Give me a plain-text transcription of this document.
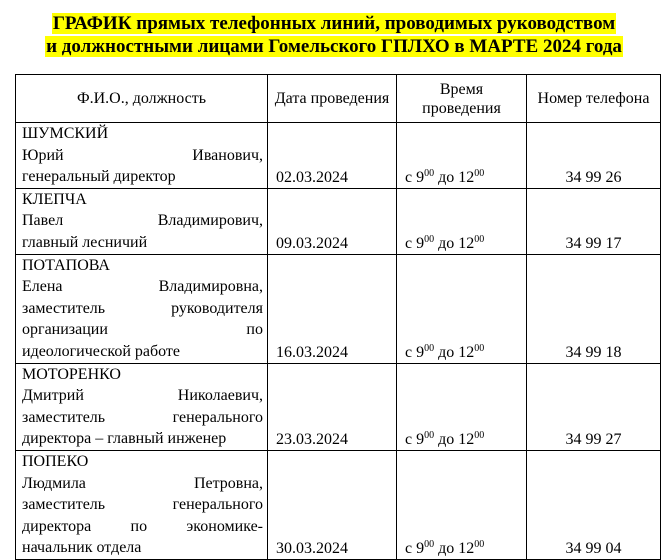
ГРАФИК прямых телефонных линий, проводимых руководством
и должностными лицами Гомельского ГПЛХО в МАРТЕ 2024 года
Ф.И.О., должность	Дата проведения	Время проведения	Номер телефона

ШУМСКИЙ
Юрий Иванович,
генеральный директор	02.03.2024	с $9^{00}$ до $12^{00}$	34 99 26

КЛЕПЧА
Павел Владимирович,
главный лесничий	09.03.2024	с $9^{00}$ до $12^{00}$	34 99 17

ПОТАПОВА
Елена Владимировна,
заместитель руководителя
организации по
идеологической работе	16.03.2024	с $9^{00}$ до $12^{00}$	34 99 18

МОТОРЕНКО
Дмитрий Николаевич,
заместитель генерального
директора – главный инженер	23.03.2024	с $9^{00}$ до $12^{00}$	34 99 27

ПОПЕКО
Людмила Петровна,
заместитель генерального
директора по экономике-
начальник отдела	30.03.2024	с $9^{00}$ до $12^{00}$	34 99 04
